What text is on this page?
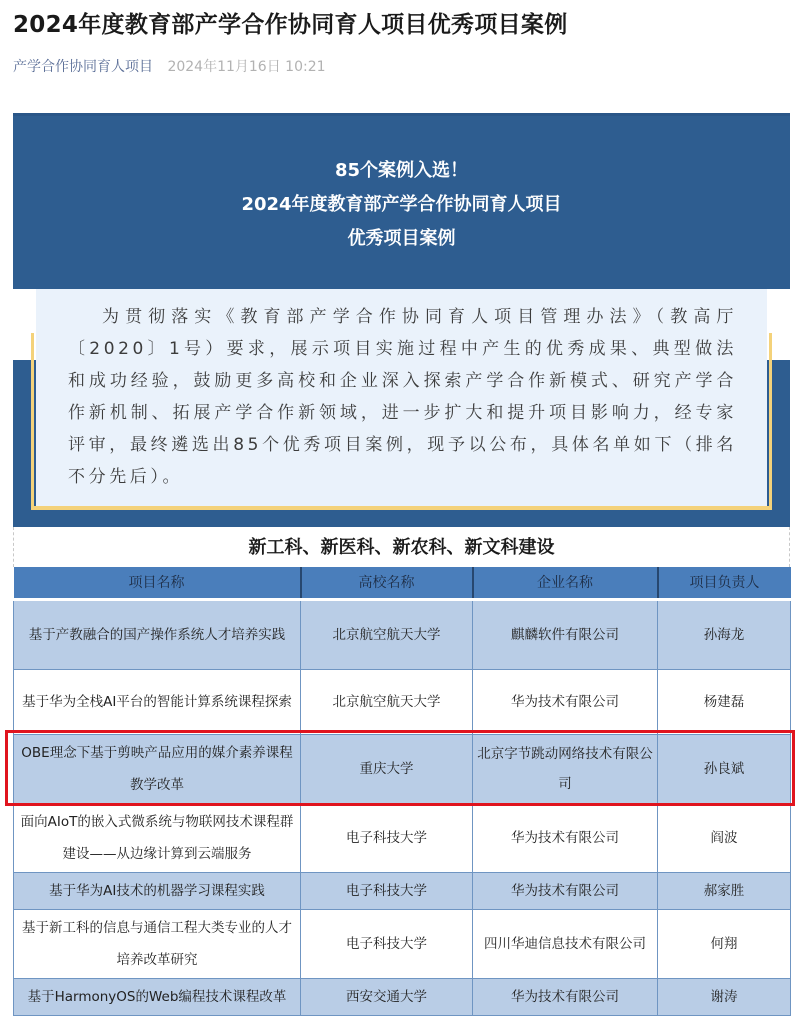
2024年度教育部产学合作协同育人项目优秀项目案例
产学合作协同育人项目 2024年11月16日 10:21
85个案例入选！
2024年度教育部产学合作协同育人项目
优秀项目案例

为贯彻落实《教育部产学合作协同育人项目管理办法》（教高厅〔2020〕1号）要求，展示项目实施过程中产生的优秀成果、典型做法和成功经验，鼓励更多高校和企业深入探索产学合作新模式、研究产学合作新机制、拓展产学合作新领域，进一步扩大和提升项目影响力，经专家评审，最终遴选出85个优秀项目案例，现予以公布，具体名单如下（排名不分先后）。

新工科、新医科、新农科、新文科建设
项目名称	高校名称	企业名称	项目负责人
基于产教融合的国产操作系统人才培养实践	北京航空航天大学	麒麟软件有限公司	孙海龙
基于华为全栈AI平台的智能计算系统课程探索	北京航空航天大学	华为技术有限公司	杨建磊
OBE理念下基于剪映产品应用的媒介素养课程教学改革	重庆大学	北京字节跳动网络技术有限公司	孙良斌
面向AIoT的嵌入式微系统与物联网技术课程群建设——从边缘计算到云端服务	电子科技大学	华为技术有限公司	阎波
基于华为AI技术的机器学习课程实践	电子科技大学	华为技术有限公司	郝家胜
基于新工科的信息与通信工程大类专业的人才培养改革研究	电子科技大学	四川华迪信息技术有限公司	何翔
基于HarmonyOS的Web编程技术课程改革	西安交通大学	华为技术有限公司	谢涛
